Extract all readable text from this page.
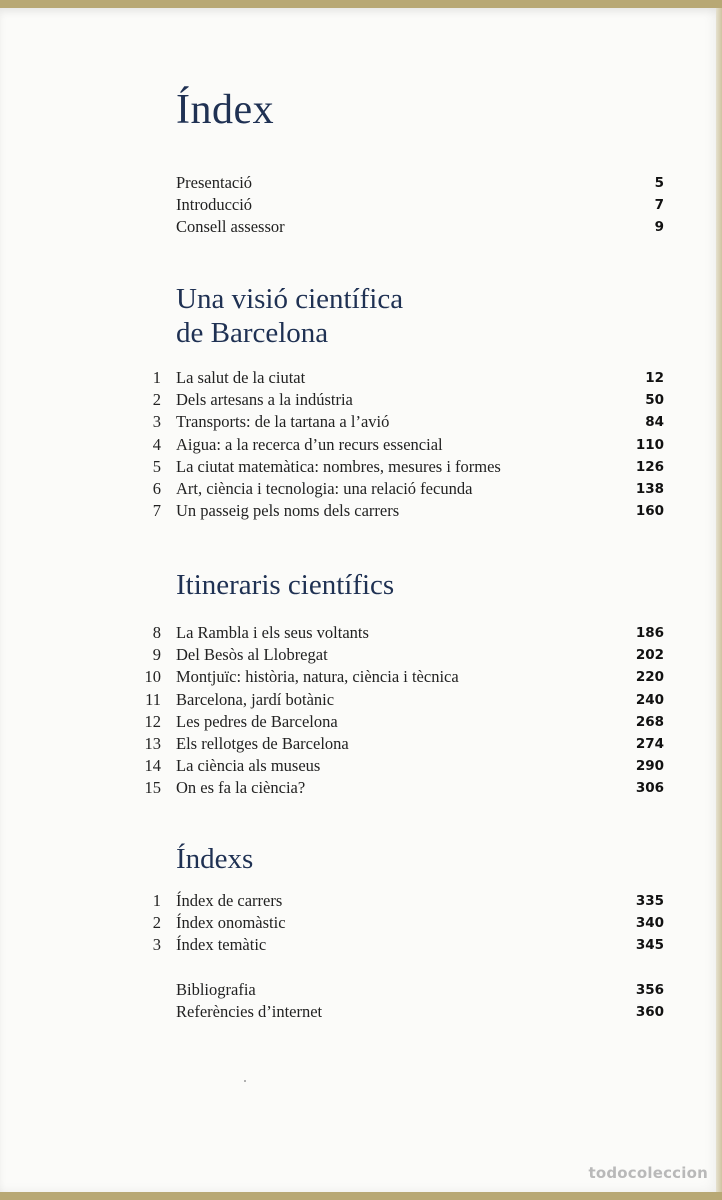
Índex
Presentació	5
Introducció	7
Consell assessor	9
Una visió científica
de Barcelona
1 La salut de la ciutat	12
2 Dels artesans a la indústria	50
3 Transports: de la tartana a l’avió	84
4 Aigua: a la recerca d’un recurs essencial	110
5 La ciutat matemàtica: nombres, mesures i formes	126
6 Art, ciència i tecnologia: una relació fecunda	138
7 Un passeig pels noms dels carrers	160
Itineraris científics
8 La Rambla i els seus voltants	186
9 Del Besòs al Llobregat	202
10 Montjuïc: història, natura, ciència i tècnica	220
11 Barcelona, jardí botànic	240
12 Les pedres de Barcelona	268
13 Els rellotges de Barcelona	274
14 La ciència als museus	290
15 On es fa la ciència?	306
Índexs
1 Índex de carrers	335
2 Índex onomàstic	340
3 Índex temàtic	345
Bibliografia	356
Referències d’internet	360
todocoleccion
